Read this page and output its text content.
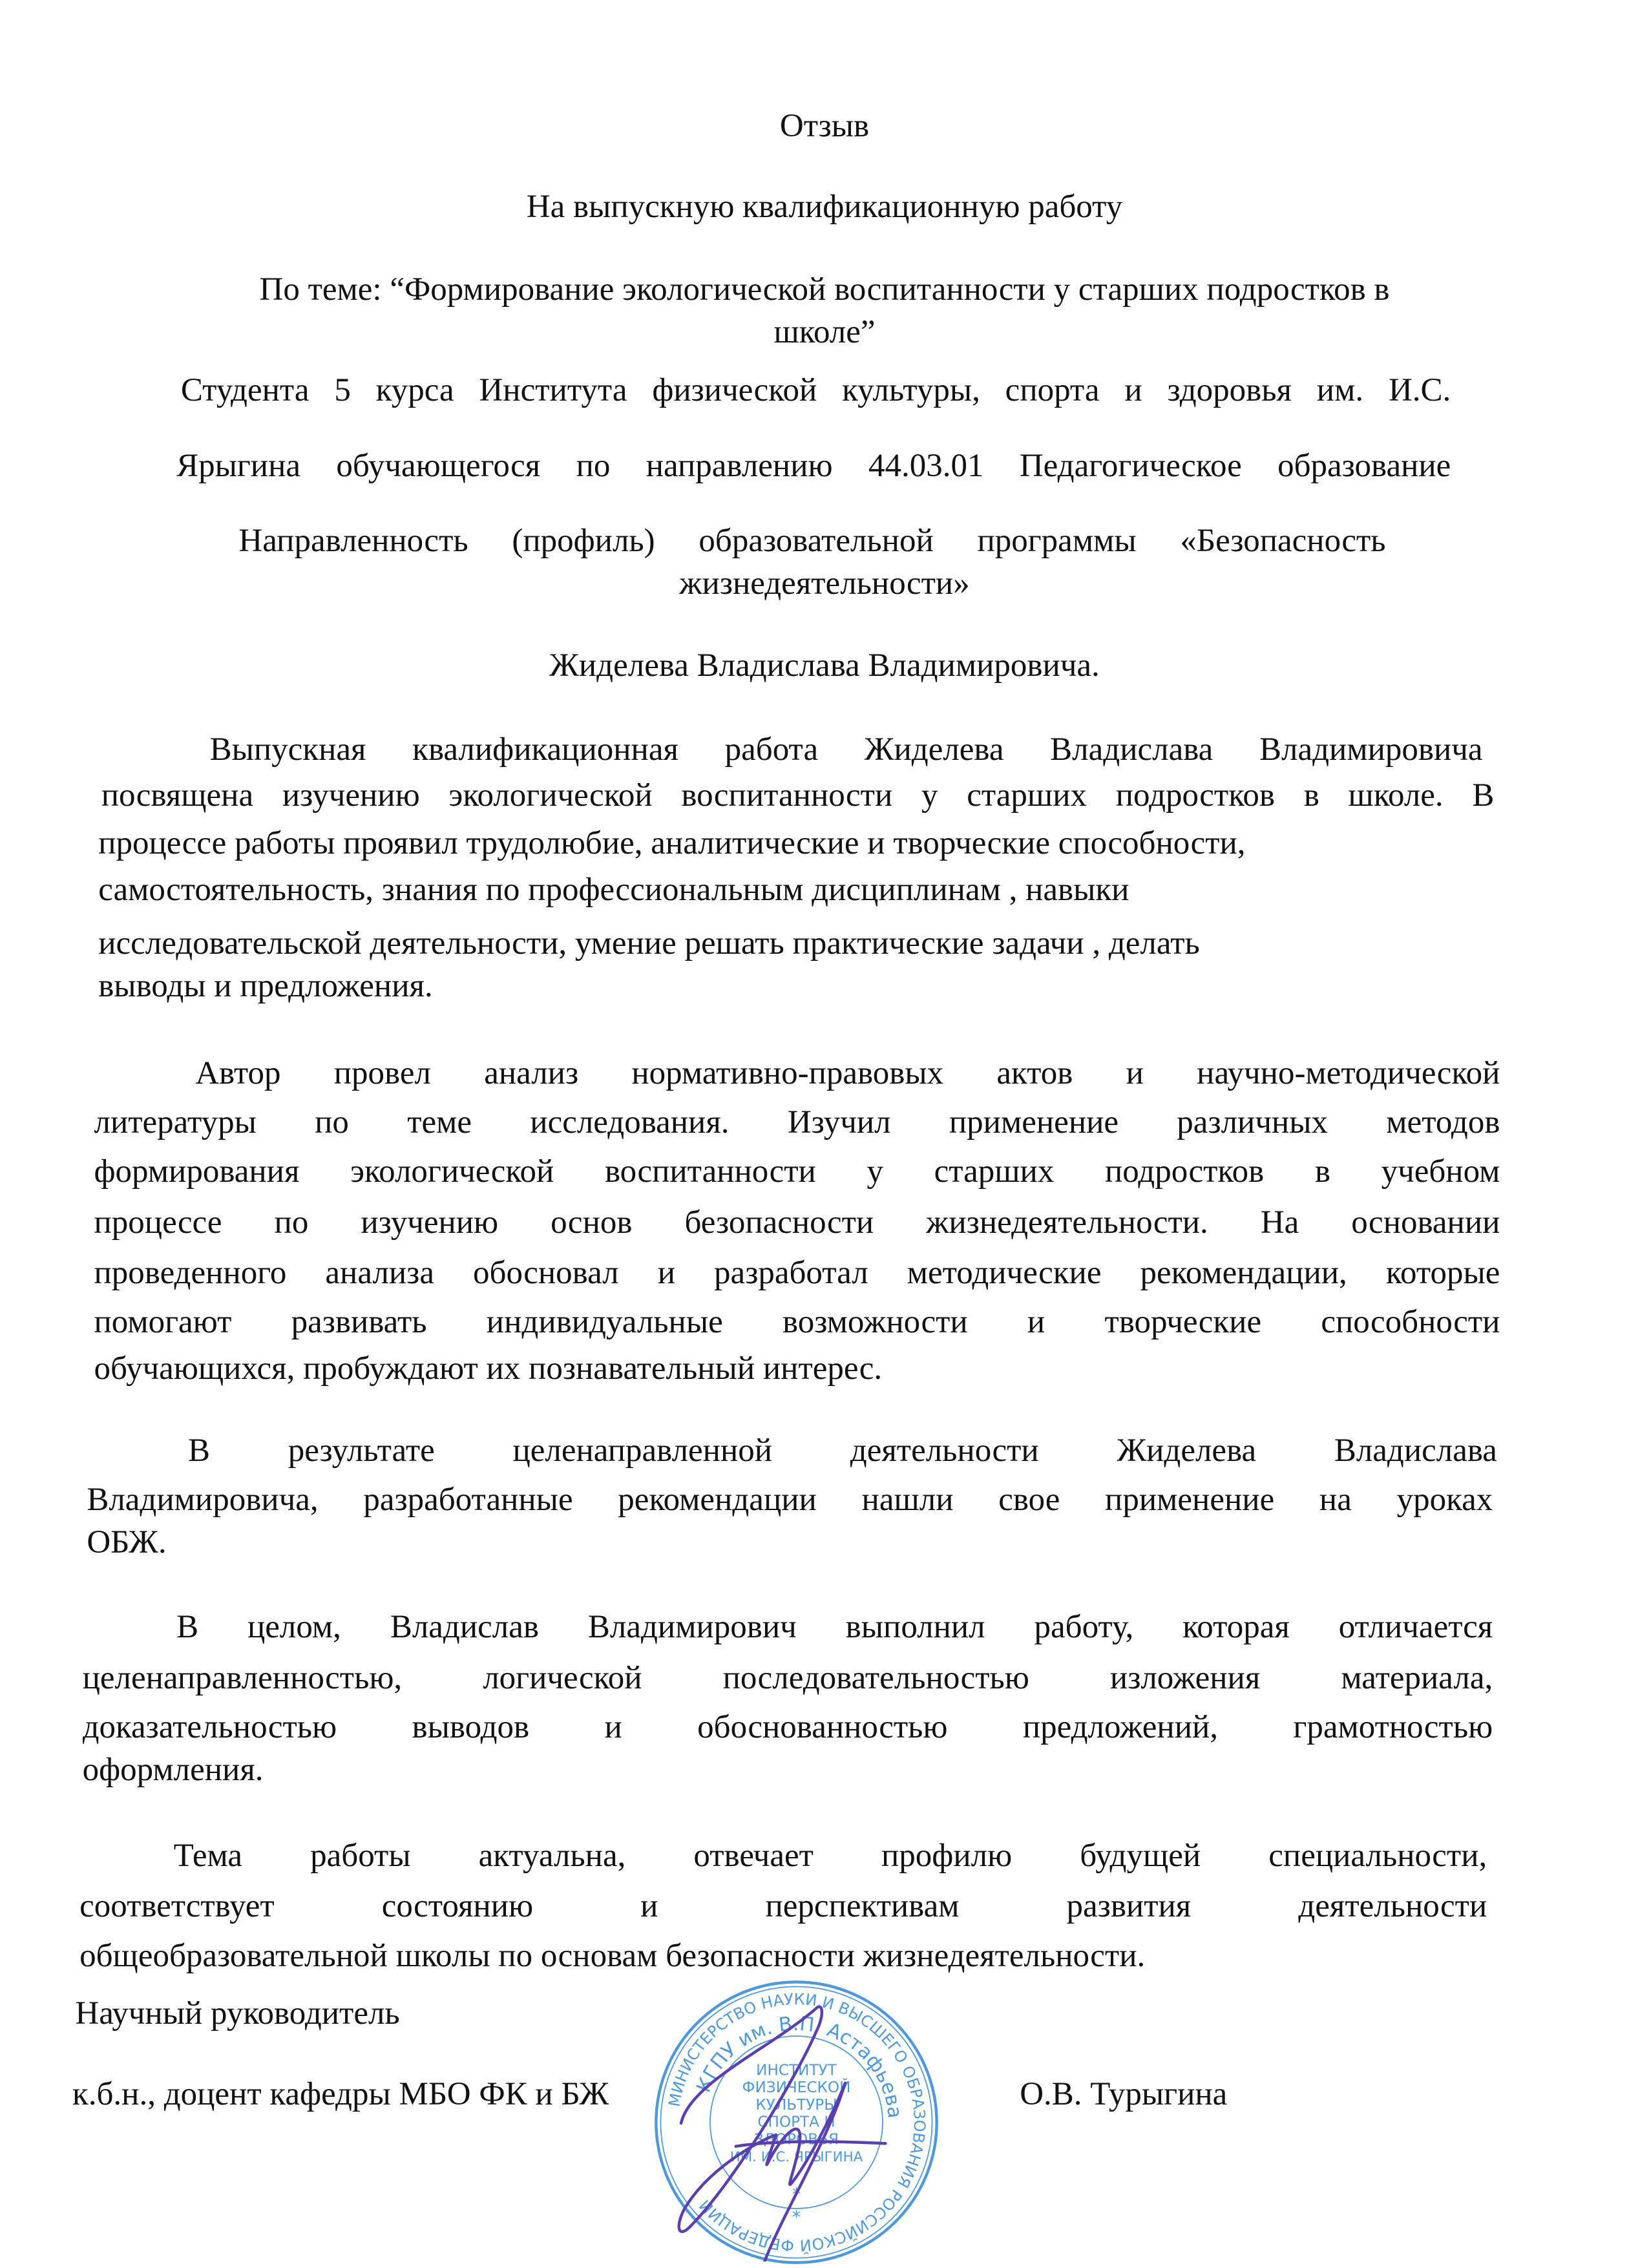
Отзыв
На выпускную квалификационную работу
По теме: “Формирование экологической воспитанности у старших подростков в
школе”
Студента 5 курса Института физической культуры, спорта и здоровья им. И.С.
Ярыгина обучающегося по направлению 44.03.01 Педагогическое образование
Направленность (профиль) образовательной программы «Безопасность
жизнедеятельности»
Жиделева Владислава Владимировича.
Выпускная квалификационная работа Жиделева Владислава Владимировича
посвящена изучению экологической воспитанности у старших подростков в школе. В
процессе работы проявил трудолюбие, аналитические и творческие способности,
самостоятельность, знания по профессиональным дисциплинам , навыки
исследовательской деятельности, умение решать практические задачи , делать
выводы и предложения.
Автор провел анализ нормативно-правовых актов и научно-методической
литературы по теме исследования. Изучил применение различных методов
формирования экологической воспитанности у старших подростков в учебном
процессе по изучению основ безопасности жизнедеятельности. На основании
проведенного анализа обосновал и разработал методические рекомендации, которые
помогают развивать индивидуальные возможности и творческие способности
обучающихся, пробуждают их познавательный интерес.
В результате целенаправленной деятельности Жиделева Владислава
Владимировича, разработанные рекомендации нашли свое применение на уроках
ОБЖ.
В целом, Владислав Владимирович выполнил работу, которая отличается
целенаправленностью, логической последовательностью изложения материала,
доказательностью выводов и обоснованностью предложений, грамотностью
оформления.
Тема работы актуальна, отвечает профилю будущей специальности,
соответствует состоянию и перспективам развития деятельности
общеобразовательной школы по основам безопасности жизнедеятельности.
Научный руководитель
к.б.н., доцент кафедры МБО ФК и БЖ	О.В. Турыгина
МИНИСТЕРСТВО НАУКИ И ВЫСШЕГО ОБРАЗОВАНИЯ РОССИЙСКОЙ ФЕДЕРАЦИИ
КГПУ им. В.П. Астафьева
ИНСТИТУТ
ФИЗИЧЕСКОЙ
КУЛЬТУРЫ
СПОРТА И
ЗДОРОВЬЯ
ИМ. И.С. ЯРЫГИНА
*
*
